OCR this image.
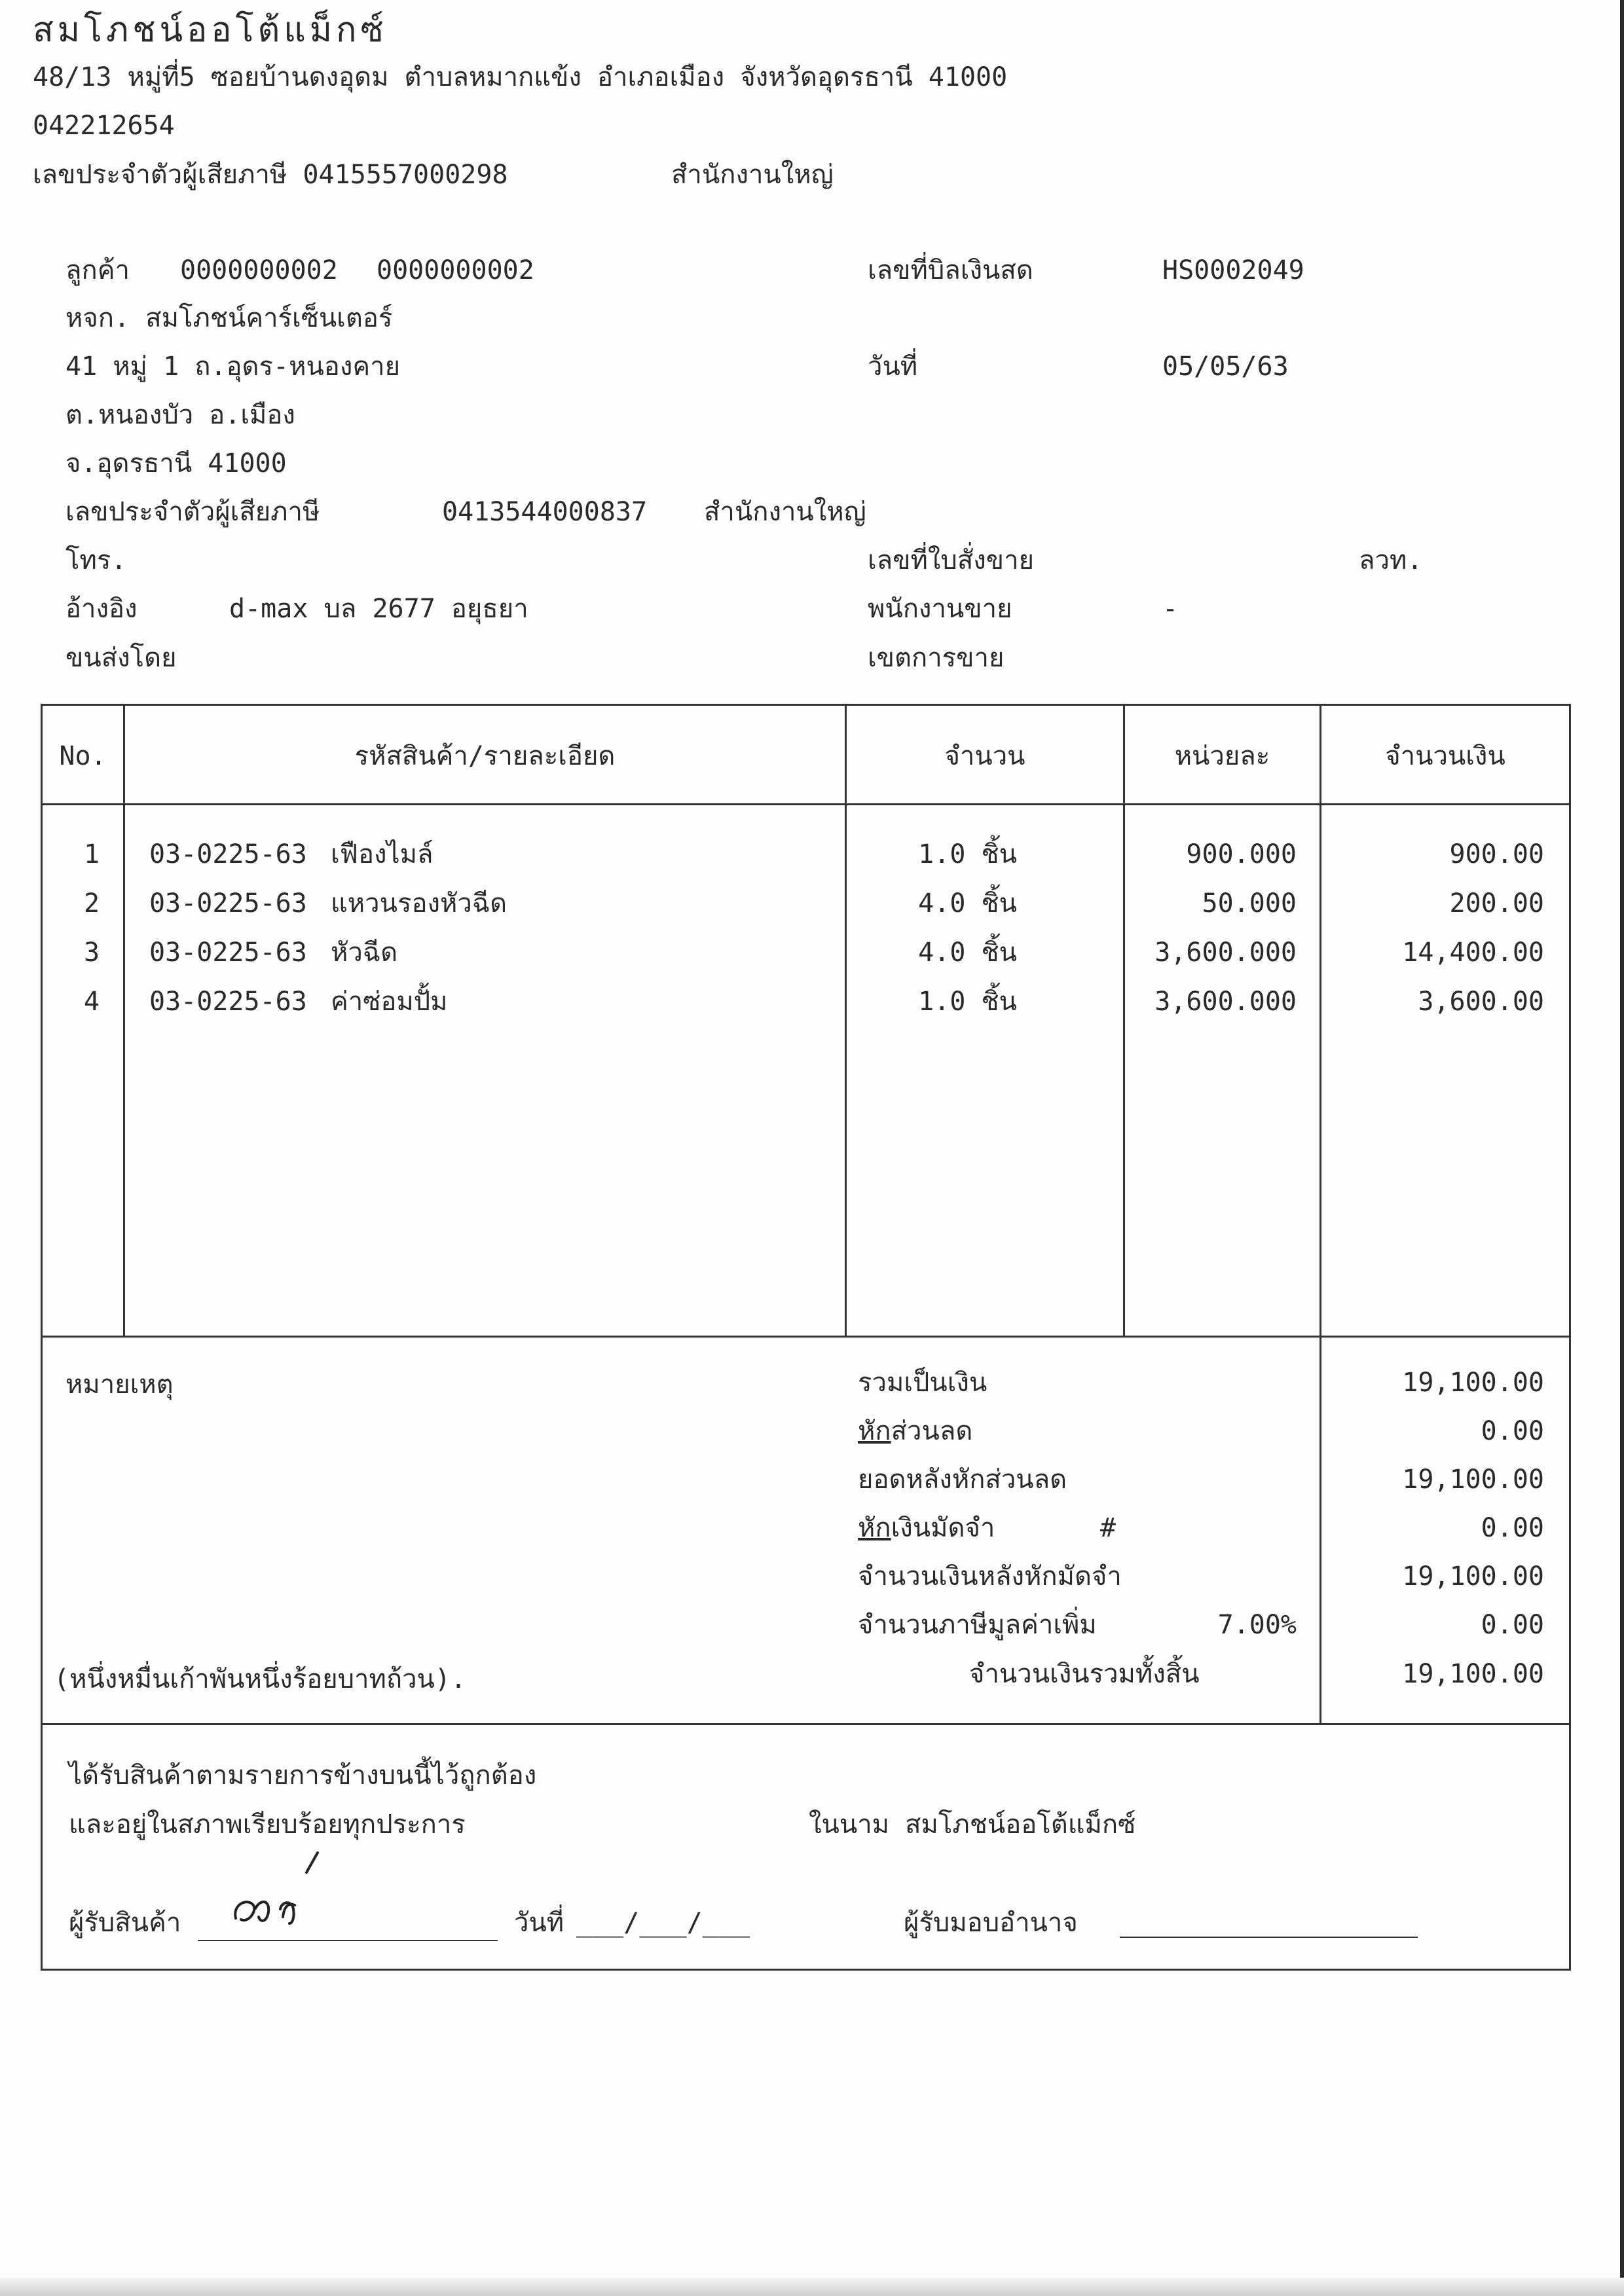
สมโภชน์ออโต้แม็กซ์
48/13 หมู่ที่5 ซอยบ้านดงอุดม ตำบลหมากแข้ง อำเภอเมือง จังหวัดอุดรธานี 41000
042212654
เลขประจำตัวผู้เสียภาษี 0415557000298	สำนักงานใหญ่
ลูกค้า 0000000002 0000000002
หจก. สมโภชน์คาร์เซ็นเตอร์
41 หมู่ 1 ถ.อุดร-หนองคาย
ต.หนองบัว อ.เมือง
จ.อุดรธานี 41000
เลขประจำตัวผู้เสียภาษี	0413544000837 สำนักงานใหญ่
โทร.
อ้างอิง	d-max บล 2677 อยุธยา
ขนส่งโดย
เลขที่บิลเงินสด	HS0002049
วันที่	05/05/63
เลขที่ใบสั่งขาย	ลวท.
พนักงานขาย	-
เขตการขาย
No.	รหัสสินค้า/รายละเอียด	จำนวน	หน่วยละ	จำนวนเงิน
1	03-0225-63 เฟืองไมล์	1.0 ชิ้น	900.000	900.00
2	03-0225-63 แหวนรองหัวฉีด	4.0 ชิ้น	50.000	200.00
3	03-0225-63 หัวฉีด	4.0 ชิ้น	3,600.000	14,400.00
4	03-0225-63 ค่าซ่อมปั้ม	1.0 ชิ้น	3,600.000	3,600.00
หมายเหตุ
(หนึ่งหมื่นเก้าพันหนึ่งร้อยบาทถ้วน).
รวมเป็นเงิน	19,100.00
หักส่วนลด	0.00
ยอดหลังหักส่วนลด	19,100.00
หักเงินมัดจำ	#	0.00
จำนวนเงินหลังหักมัดจำ	19,100.00
จำนวนภาษีมูลค่าเพิ่ม	7.00%	0.00
จำนวนเงินรวมทั้งสิ้น	19,100.00
ได้รับสินค้าตามรายการข้างบนนี้ไว้ถูกต้อง
และอยู่ในสภาพเรียบร้อยทุกประการ	ในนาม สมโภชน์ออโต้แม็กซ์
ผู้รับสินค้า	วันที่ ___/___/___	ผู้รับมอบอำนาจ
